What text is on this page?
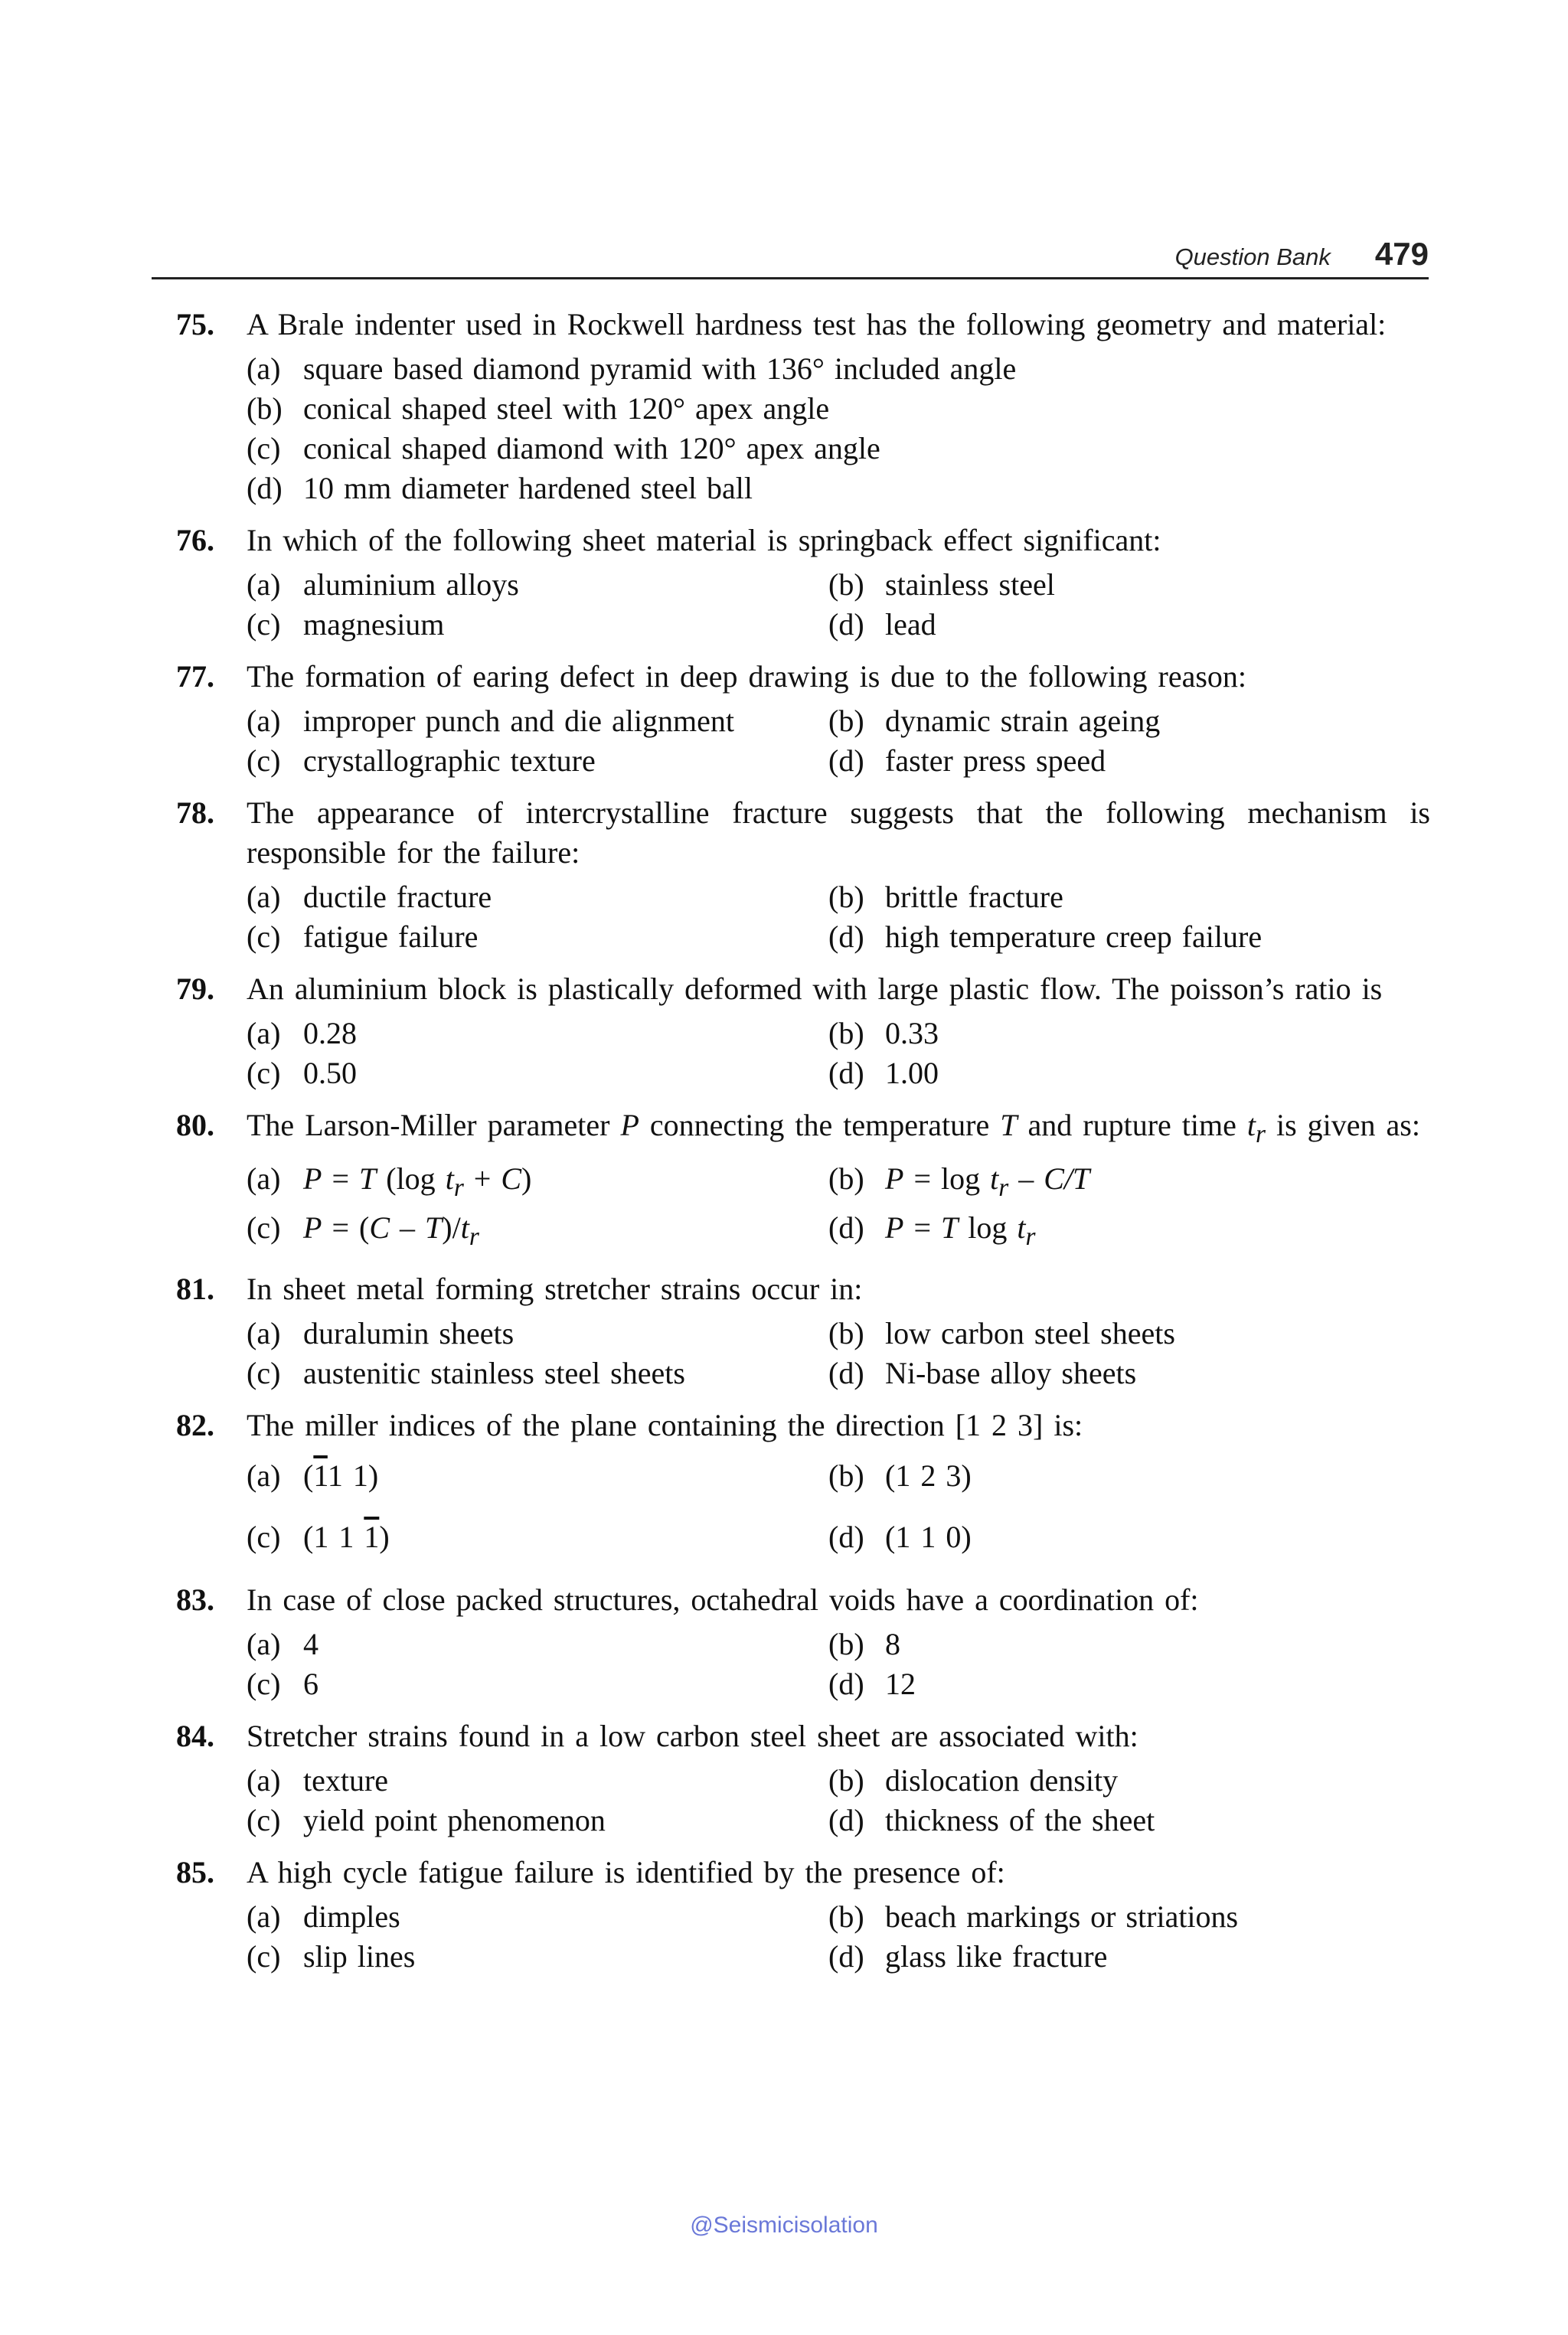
Question Bank 479
75.	A Brale indenter used in Rockwell hardness test has the following geometry and material:
(a) square based diamond pyramid with 136° included angle
(b) conical shaped steel with 120° apex angle
(c) conical shaped diamond with 120° apex angle
(d) 10 mm diameter hardened steel ball
76.	In which of the following sheet material is springback effect significant:
(a) aluminium alloys	(b) stainless steel
(c) magnesium	(d) lead
77.	The formation of earing defect in deep drawing is due to the following reason:
(a) improper punch and die alignment	(b) dynamic strain ageing
(c) crystallographic texture	(d) faster press speed
78.	The appearance of intercrystalline fracture suggests that the following mechanism is responsible for the failure:
(a) ductile fracture	(b) brittle fracture
(c) fatigue failure	(d) high temperature creep failure
79.	An aluminium block is plastically deformed with large plastic flow. The poisson’s ratio is
(a) 0.28	(b) 0.33
(c) 0.50	(d) 1.00
80.	The Larson-Miller parameter P connecting the temperature T and rupture time $t_r$ is given as:
(a) P = T (log $t_r + C$)	(b) $P = \log t_r - C/T$
(c) $P = (C - T)/t_r$	(d) P = T $\log t_r$
81.	In sheet metal forming stretcher strains occur in:
(a) duralumin sheets	(b) low carbon steel sheets
(c) austenitic stainless steel sheets	(d) Ni-base alloy sheets
82.	The miller indices of the plane containing the direction [1 2 3] is:
(a) (11 1)	(b) (1 2 3)
(c) (1 1 1)	(d) (1 1 0)
83.	In case of close packed structures, octahedral voids have a coordination of:
(a) 4	(b) 8
(c) 6	(d) 12
84.	Stretcher strains found in a low carbon steel sheet are associated with:
(a) texture	(b) dislocation density
(c) yield point phenomenon	(d) thickness of the sheet
85.	A high cycle fatigue failure is identified by the presence of:
(a) dimples	(b) beach markings or striations
(c) slip lines	(d) glass like fracture
@Seismicisolation
